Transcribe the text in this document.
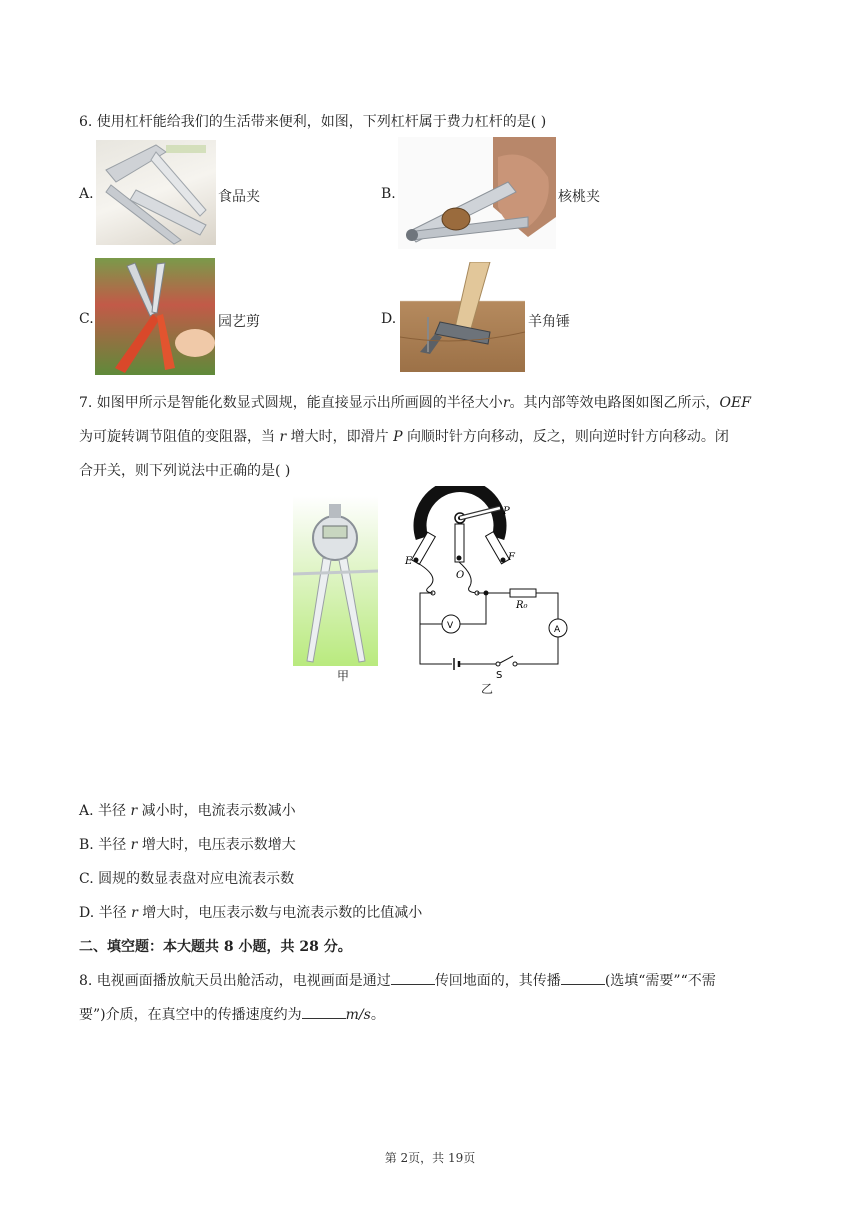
6. 使用杠杆能给我们的生活带来便利，如图，下列杠杆属于费力杠杆的是( )
A.	食品夹	B.	核桃夹
C.	园艺剪	D.	羊角锤
7. 如图甲所示是智能化数显式圆规，能直接显示出所画圆的半径大小r。其内部等效电路图如图乙所示，OEF
为可旋转调节阻值的变阻器，当 r 增大时，即滑片 P 向顺时针方向移动，反之，则向逆时针方向移动。闭
合开关，则下列说法中正确的是( )
甲
P
E
O
F
R₀
V	A
S
乙
A. 半径 r 减小时，电流表示数减小
B. 半径 r 增大时，电压表示数增大
C. 圆规的数显表盘对应电流表示数
D. 半径 r 增大时，电压表示数与电流表示数的比值减小
二、填空题：本大题共 8 小题，共 28 分。
8. 电视画面播放航天员出舱活动，电视画面是通过	传回地面的，其传播	(选填“需要”“不需
要”)介质，在真空中的传播速度约为	m/s。
第 2页，共 19页
